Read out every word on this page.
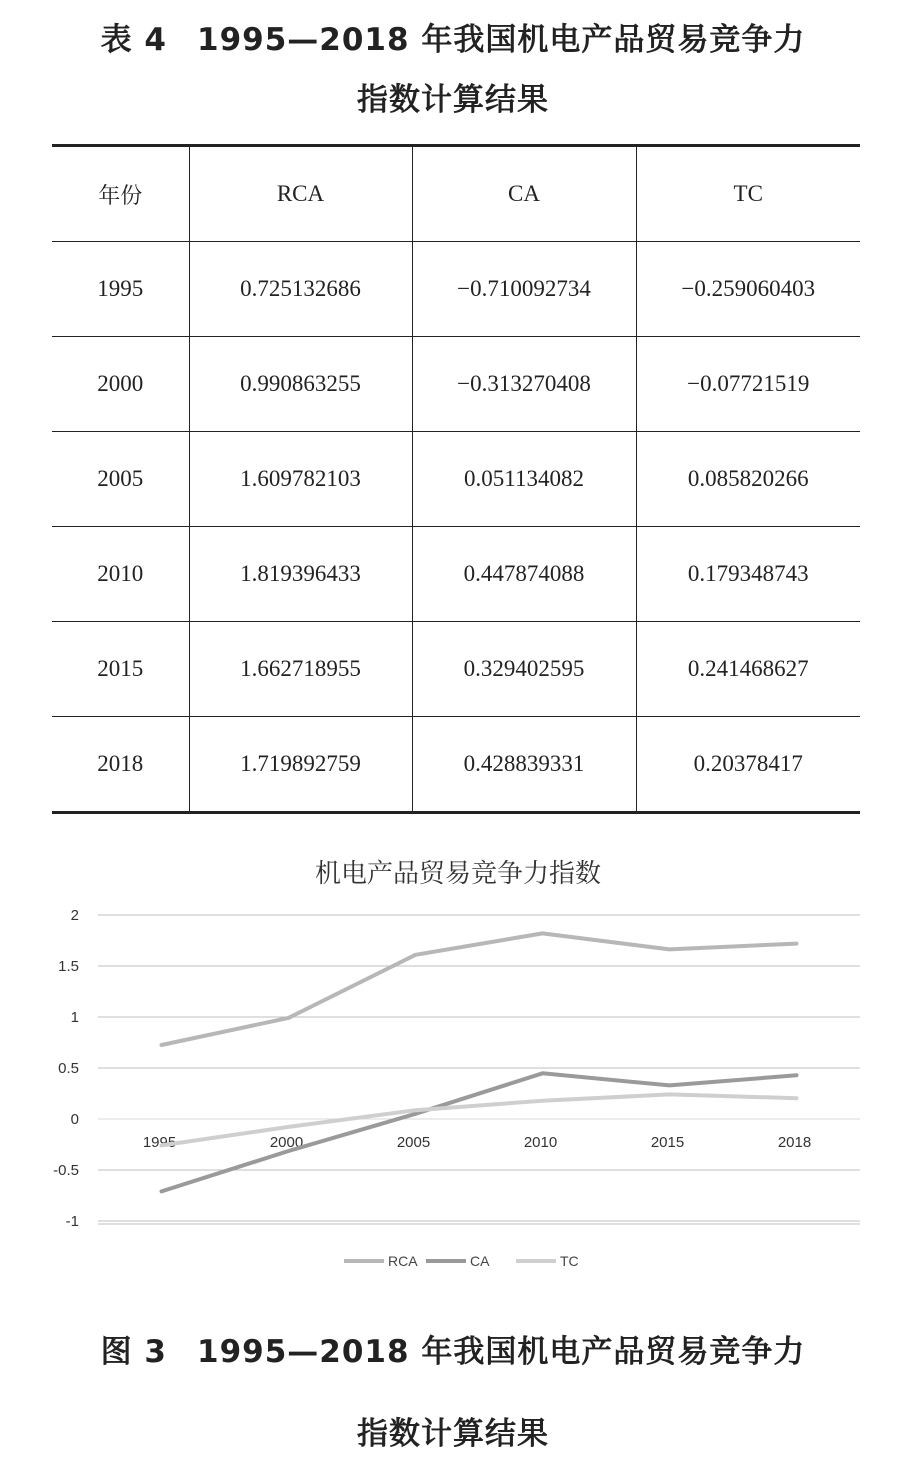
表 4 1995—2018 年我国机电产品贸易竞争力
指数计算结果
年份	RCA	CA	TC
1995	0.725132686	−0.710092734	−0.259060403
2000	0.990863255	−0.313270408	−0.07721519
2005	1.609782103	0.051134082	0.085820266
2010	1.819396433	0.447874088	0.179348743
2015	1.662718955	0.329402595	0.241468627
2018	1.719892759	0.428839331	0.20378417
机电产品贸易竞争力指数
2
1.5
1
0.5
0
-0.5
-1
1995	2000	2005	2010	2015	2018
RCA	CA	TC
图 3 1995—2018 年我国机电产品贸易竞争力
指数计算结果
